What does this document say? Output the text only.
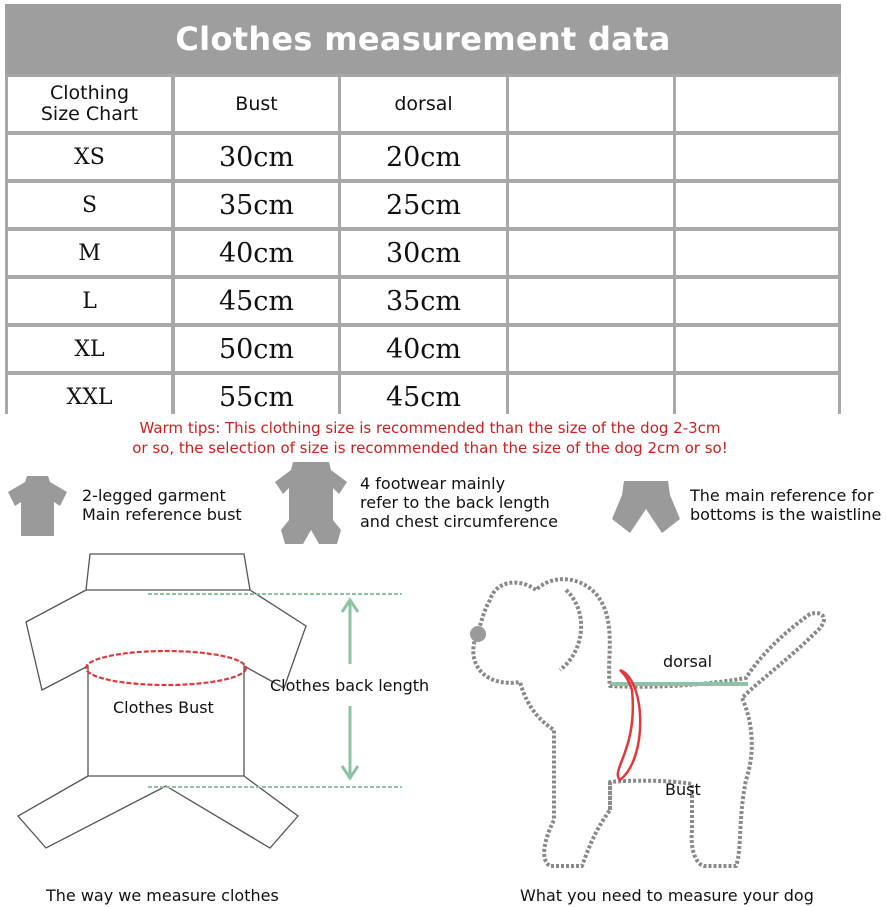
Clothes measurement data
Clothing
Size Chart	Bust	dorsal
XS	30cm	20cm
S	35cm	25cm
M	40cm	30cm
L	45cm	35cm
XL	50cm	40cm
XXL	55cm	45cm
Warm tips: This clothing size is recommended than the size of the dog 2-3cm
or so, the selection of size is recommended than the size of the dog 2cm or so!
2-legged garment
Main reference bust
4 footwear mainly
refer to the back length
and chest circumference
The main reference for
bottoms is the waistline
Clothes Bust
Clothes back length
The way we measure clothes
dorsal
Bust
What you need to measure your dog
